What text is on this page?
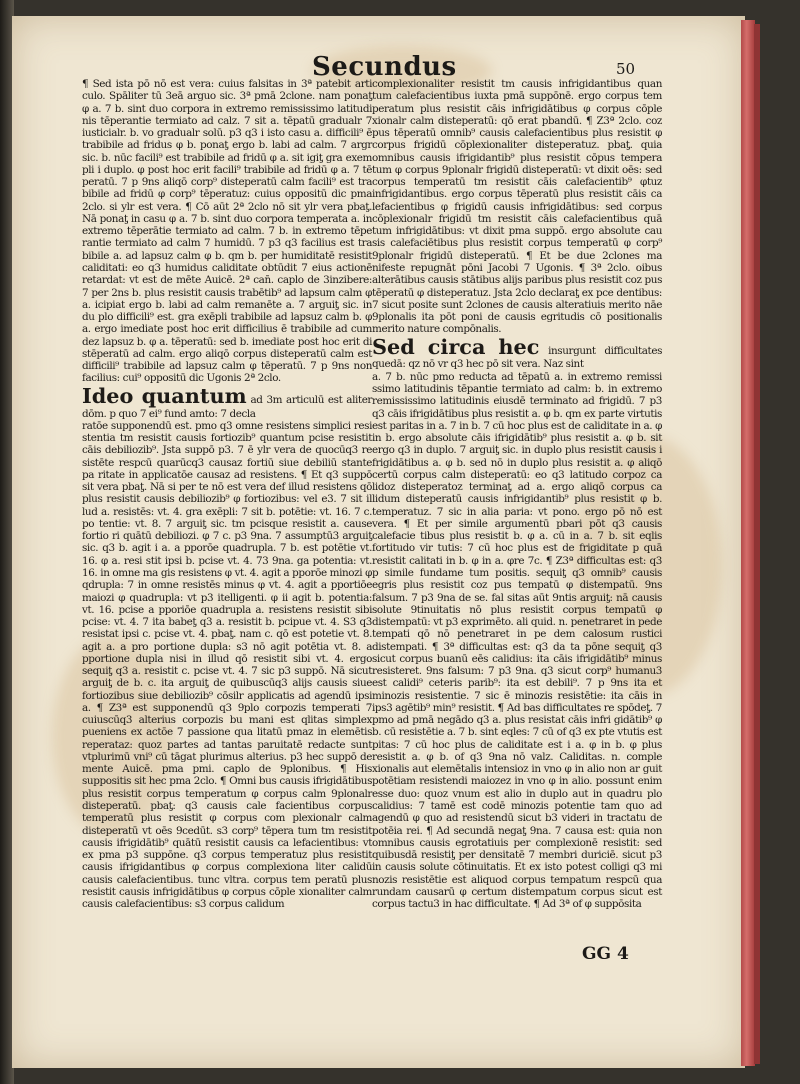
Secundus	50

¶ Sed ista pō nō est vera: cuius falsitas in 3ª patebit arti culo. Spāliter tū 3eā arguo sic. 3ª pmā 2clone. nam ponaƫ φ a. 7 b. sint duo corpora in extremo remississimo latitudi nis tēperantie termiato ad calz. 7 sit a. tēpatū gradualr 7 iusticialr. b. vo gradualr solū. p3 q3 i isto casu a. difficili⁹ ē trabibile ad fridus φ b. ponaƫ ergo b. labi ad calm. 7 argr sic. b. nūc facili⁹ est trabibile ad fridū φ a. sit igiƫ gra exem pli i duplo. φ post hoc erit facili⁹ trabibile ad fridū φ a. 7 tē peratū. 7 p 9ns aliqō corp⁹ disteperatū calm facili⁹ est tra bibile ad fridū φ corp⁹ tēperatuz: cuius oppositū dic pma 2clo. si ylr est vera. ¶ Cō aūt 2ª 2clo nō sit ylr vera pbaƫ. Nā ponaƫ in casu φ a. 7 b. sint duo corpora temperata a. in extremo tēperātie termiato ad calm. 7 b. in extremo tēpe rantie termiato ad calm 7 humidū. 7 p3 q3 facilius est tra bibile a. ad lapsuz calm φ b. qm b. per humiditatē resistit caliditati: eo q3 humidus caliditate obtūdit 7 eius actionē retardat: vt est de mēte Auicē. 2ª can̄. caplo de 3inzibere: 7 per 2ns b. plus resistit causis trabētib⁹ ad lapsum calm φ a. icipiat ergo b. labi ad calm remanēte a. 7 arguiƫ sic. in du plo difficili⁹ est. gra exēpli trabibile ad lapsuz calm b. φ a. ergo imediate post hoc erit difficilius ē trabibile ad cum dez lapsuz b. φ a. tēperatū: sed b. imediate post hoc erit di stēperatū ad calm. ergo aliqō corpus disteperatū calm est difficili⁹ trabibile ad lapsuz calm φ tēperatū. 7 p 9ns non facilius: cui⁹ oppositū dic Ugonis 2ª 2clo.

Ideo quantum ad 3m articulū est aliter dōm. p quo 7 ei⁹ fund amto: 7 decla

ratōe supponendū est. pmo q3 omne resistens simplici resi stentia tm resistit causis fortiozib⁹ quantum pcise resistit cāis debiliozib⁹. Jsta suppō p3. 7 ē ylr vera de quocūq3 re sistēte respcū quarūcq3 causaz fortiū siue debiliū stante pa ritate in applicatōe causaz ad resistens. ¶ Et q3 suppō sit vera pbaƫ. Nā si per te nō est vera def illud resistens qō plus resistit causis debiliozib⁹ φ fortiozibus: vel e3. 7 sit il lud a. resistēs: vt. 4. gra exēpli: 7 sit b. potētie: vt. 16. 7 c. po tentie: vt. 8. 7 arguiƫ sic. tm pcisque resistit a. cause fortio ri quātū debiliozi. φ 7 c. p3 9na. 7 assumptū3 arguiƫ sic. q3 b. agit i a. a pporōe quadrupla. 7 b. est potētie vt. 16. φ a. resi stit ipsi b. pcise vt. 4. 73 9na. ga potentia: vt. 16. in omne ma gis resistens φ vt. 4. agit a pporōe minozi φ qdrupla: 7 in omne resistēs minus φ vt. 4. agit a pportiōe maiozi φ quadrupla: vt p3 itelligenti. φ ii agit b. potentia: vt. 16. pcise a pporiōe quadrupla a. resistens resistit sibi pcise: vt. 4. 7 ita babeƫ q3 a. resistit b. pcipue vt. 4. S3 q3 resistat ipsi c. pcise vt. 4. pbaƫ. nam c. qō est potetie vt. 8. agit a. a pro portione dupla: s3 nō agit potētia vt. 8. a pportione dupla nisi in illud qō resistit sibi vt. 4. ergo sequiƫ q3 a. resistit c. pcise vt. 4. 7 sic p3 suppō. Nā sicut arguiƫ de b. c. ita arguiƫ de quibuscūq3 alijs causis siue fortiozibus siue debiliozib⁹ cōsilr applicatis ad agendū ipsi a. ¶ Z3ª est supponendū q3 9plo corpozis temperati 7 cuiuscūq3 alterius corpozis bu mani est qlitas simplex pueniens ex actōe 7 passione qua litatū pmaz in elemētis reperataz: quoz partes ad tantas paruitatē redacte sunt vtplurimū vni⁹ cū tāgat plurimus alterius. p3 hec suppō de mente Auicē. pma pmi. caplo de 9plonibus. ¶ His suppositis sit hec pma 2clo. ¶ Omni bus causis ifrigidātibus plus resistit corpus temperatum φ corpus calm 9plonalr disteperatū. pbaƫ: q3 causis cale facientibus corpus temperatū plus resistit φ corpus com plexionalr calm disteperatū vt oēs 9cedūt. s3 corp⁹ tēpera tum tm resistit causis ifrigidātib⁹ quātū resistit causis ca lefacientibus: vt ex pma p3 suppōne. q3 corpus temperatuz plus resistit causis ifrigidantibus φ corpus complexiona liter calidū causis calefacientibus. tunc vltra. corpus tem peratū plus resistit causis infrigidātibus φ corpus cōple xionaliter calm causis calefacientibus: s3 corpus calidum

complexionaliter resistit tm causis infrigidantibus quan tum calefacientibus iuxta pmā suppōnē. ergo corpus tem peratum plus resistit cāis infrigidātibus φ corpus cōple xionalr calm disteperatū: qō erat pbandū. ¶ Z3ª 2clo. coz pus tēperatū omnib⁹ causis calefacientibus plus resistit φ corpus frigidū cōplexionaliter disteperatuz. pbaƫ. quia omnibus causis ifrigidantib⁹ plus resistit cōpus tempera tum φ corpus 9plonalr frigidū disteperatū: vt dixit oēs: sed corpus temperatū tm resistit cāis calefacientib⁹ φtuz infrigidantibus. ergo corpus tēperatū plus resistit cāis ca lefacientibus φ frigidū causis infrigidātibus: sed corpus cōplexionalr frigidū tm resistit cāis calefacientibus quā tum infrigidātibus: vt dixit pma suppō. ergo absolute cau sis calefaciētibus plus resistit corpus temperatū φ corp⁹ 9plonalr frigidū disteperatū. ¶ Et be due 2clones ma nifeste repugnāt pōni Jacobi 7 Ugonis. ¶ 3ª 2clo. oibus alterātibus causis stātibus alijs paribus plus resistit coz pus tēperatū φ disteperatuz. Jsta 2clo declaraƫ ex pce dentibus: 7 sicut posite sunt 2clones de causis alteratiuis merito nāe 9plonalis ita pōt poni de causis egritudis cō positionalis merito nature compōnalis.

Sed circa hec insurgunt difficultates quedā: qz nō vr q3 hec pō sit vera. Naz sint

a. 7 b. nūc pmo reducta ad tēpatū a. in extremo remissi ssimo latitudinis tēpantie termiato ad calm: b. in extremo remississimo latitudinis eiusdē terminato ad frigidū. 7 p3 q3 cāis ifrigidātibus plus resistit a. φ b. qm ex parte virtutis est paritas in a. 7 in b. 7 cū hoc plus est de caliditate in a. φ in b. ergo absolute cāis ifrigidātib⁹ plus resistit a. φ b. sit ergo q3 in duplo. 7 arguiƫ sic. in duplo plus resistit causis i frigidātibus a. φ b. sed nō in duplo plus resistit a. φ aliqō certū corpus calm disteperatū: eo q3 latitudo corpoz ca lidoz disteperatoz terminaƫ ad a. ergo aliqō corpus ca lidum disteperatū causis infrigidantib⁹ plus resistit φ b. temperatuz. 7 sic in alia paria: vt pono. ergo pō nō est vera. ¶ Et per simile argumentū pbari pōt q3 causis calefacie tibus plus resistit b. φ a. cū in a. 7 b. sit eqlis fortitudo vir tutis: 7 cū hoc plus est de frigiditate p quā resistit calitati in b. φ in a. φre 7c. ¶ Z3ª difficultas est: q3 p simile fundame tum positis. sequiƫ q3 omnib⁹ causis egris plus resistit coz pus tempatū φ distempatū. 9ns falsum. 7 p3 9na de se. fal sitas aūt 9ntis arguiƫ: nā causis solute 9tinuitatis nō plus resistit corpus tempatū φ distempatū: vt p3 exprimēto. ali quid. n. penetraret in pede tempati qō nō penetraret in pe dem calosum rustici distempati. ¶ 3ª difficultas est: q3 da ta pōne sequiƫ q3 sicut corpus buanū eēs calidius: ita cāis ifrigidātib⁹ minus resisteret. 9ns falsum: 7 p3 9na. q3 sicut corp⁹ humanu3 est calidi⁹ ceteris parib⁹: ita est debili⁹. 7 p 9ns ita et minozis resistentie. 7 sic ē minozis resistētie: ita cāis in ips3 agētib⁹ min⁹ resistit. ¶ Ad bas difficultates re spōdeƫ. 7 pmo ad pmā negādo q3 a. plus resistat cāis infri gidātib⁹ φ b. cū resistētie a. 7 b. sint eqles: 7 cū of q3 ex pte vtutis est pitas: 7 cū hoc plus de caliditate est i a. φ in b. φ plus resistit a. φ b. of q3 9na nō valz. Caliditas. n. comple xionalis aut elemētalis intensioz in vno φ in alio non ar guit potētiam resistendi maiozez in vno φ in alio. possunt enim esse duo: quoz vnum est alio in duplo aut in quadru plo calidius: 7 tamē est codē minozis potentie tam quo ad agendū φ quo ad resistendū sicut b3 videri in tractatu de potēia rei. ¶ Ad secundā negaƫ 9na. 7 causa est: quia non omnibus causis egrotatiuis per complexionē resistit: sed quibusdā resistiƫ per densitatē 7 membri duriciē. sicut p3 in causis solute cōtinuitatis. Et ex isto potest colligi q3 mi nozis resistētie est aliquod corpus tempatum respcū qua rundam causarū φ certum distempatum corpus sicut est corpus tactu3 in hac difficultate. ¶ Ad 3ª of φ suppōsita

GG 4
